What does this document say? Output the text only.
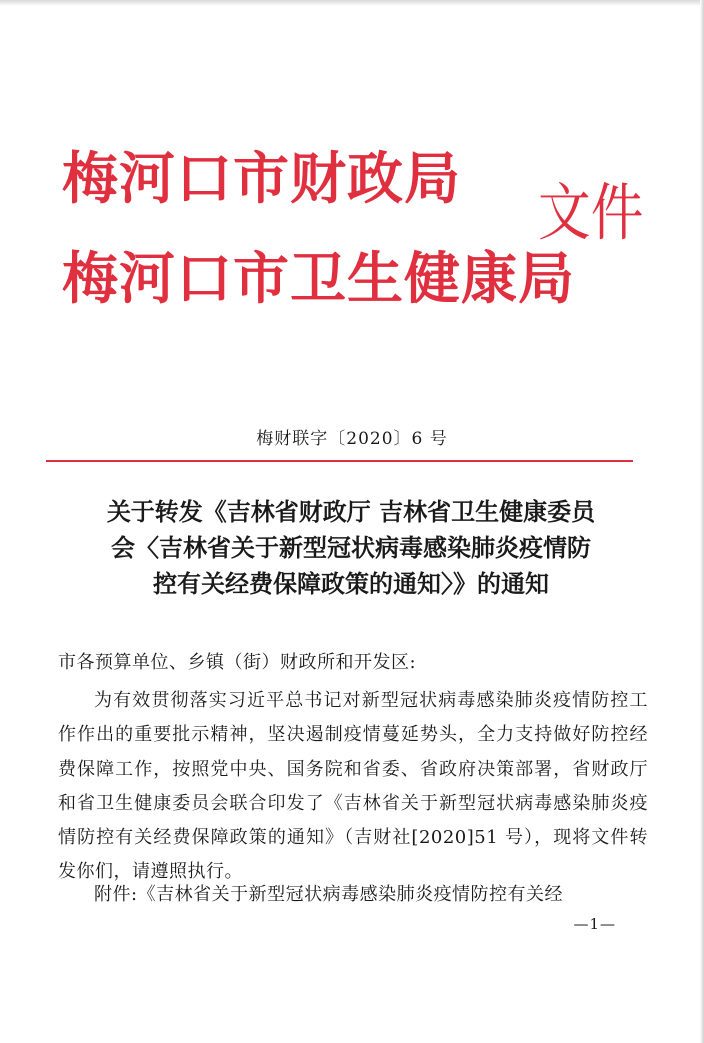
梅河口市财政局
梅河口市卫生健康局
文件
梅财联字〔2020〕6 号
关于转发《吉林省财政厅 吉林省卫生健康委员
会〈吉林省关于新型冠状病毒感染肺炎疫情防
控有关经费保障政策的通知〉》的通知
市各预算单位、乡镇（街）财政所和开发区:
为有效贯彻落实习近平总书记对新型冠状病毒感染肺炎疫情防控工作作出的重要批示精神，坚决遏制疫情蔓延势头，全力支持做好防控经费保障工作，按照党中央、国务院和省委、省政府决策部署，省财政厅和省卫生健康委员会联合印发了《吉林省关于新型冠状病毒感染肺炎疫情防控有关经费保障政策的通知》（吉财社[2020]51 号），现将文件转发你们，请遵照执行。
附件:《吉林省关于新型冠状病毒感染肺炎疫情防控有关经
—1—
